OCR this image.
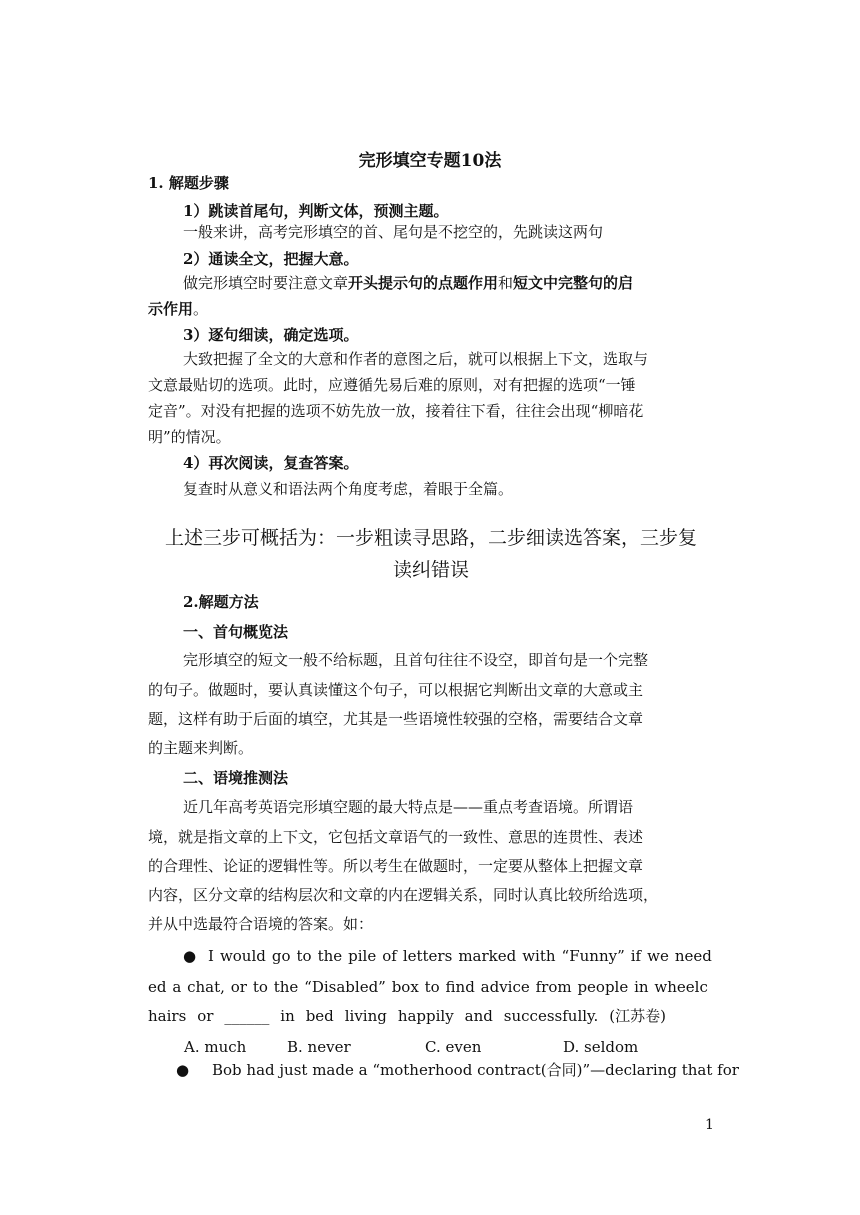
完形填空专题10法
1. 解题步骤
1）跳读首尾句，判断文体，预测主题。
一般来讲，高考完形填空的首、尾句是不挖空的，先跳读这两句
2）通读全文，把握大意。
做完形填空时要注意文章开头提示句的点题作用和短文中完整句的启
示作用。
3）逐句细读，确定选项。
大致把握了全文的大意和作者的意图之后，就可以根据上下文，选取与
文意最贴切的选项。此时，应遵循先易后难的原则，对有把握的选项“一锤
定音”。对没有把握的选项不妨先放一放，接着往下看，往往会出现“柳暗花
明”的情况。
4）再次阅读，复查答案。
复查时从意义和语法两个角度考虑，着眼于全篇。
上述三步可概括为：一步粗读寻思路，二步细读选答案，三步复
读纠错误
2.解题方法
一、首句概览法
完形填空的短文一般不给标题，且首句往往不设空，即首句是一个完整
的句子。做题时，要认真读懂这个句子，可以根据它判断出文章的大意或主
题，这样有助于后面的填空，尤其是一些语境性较强的空格，需要结合文章
的主题来判断。
二、语境推测法
近几年高考英语完形填空题的最大特点是——重点考查语境。所谓语
境，就是指文章的上下文，它包括文章语气的一致性、意思的连贯性、表述
的合理性、论证的逻辑性等。所以考生在做题时，一定要从整体上把握文章
内容，区分文章的结构层次和文章的内在逻辑关系，同时认真比较所给选项，
并从中选最符合语境的答案。如：
● I would go to the pile of letters marked with “Funny” if we need
ed a chat, or to the “Disabled” box to find advice from people in wheelc
hairs or ______ in bed living happily and successfully. (江苏卷)
A. much	B. never	C. even	D. seldom
● Bob had just made a “motherhood contract(合同)”—declaring that for
1
